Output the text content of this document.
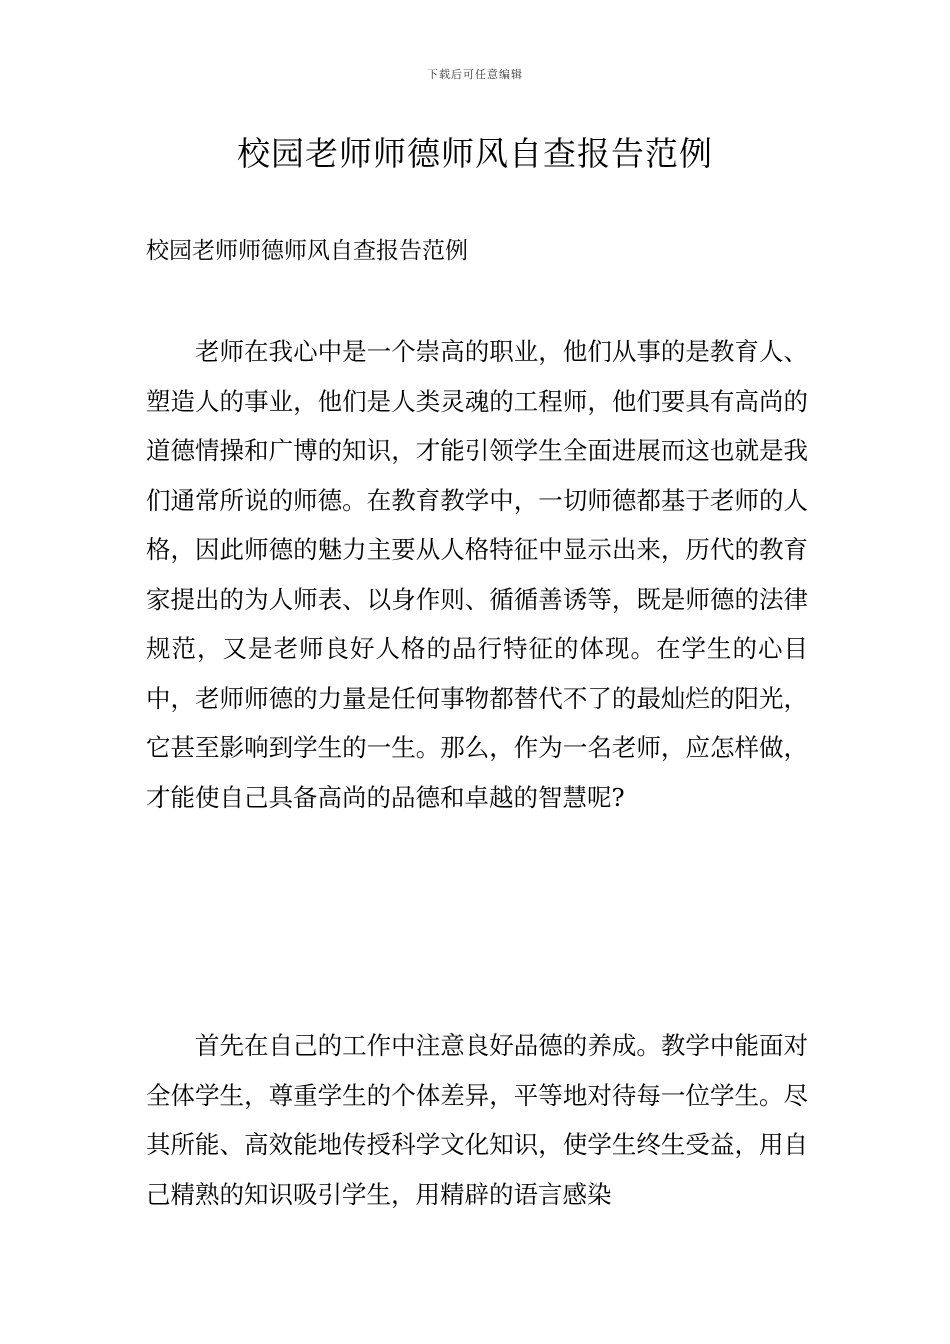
下载后可任意编辑
校园老师师德师风自查报告范例
校园老师师德师风自查报告范例

老师在我心中是一个崇高的职业，他们从事的是教育人、塑造人的事业，他们是人类灵魂的工程师，他们要具有高尚的道德情操和广博的知识，才能引领学生全面进展而这也就是我们通常所说的师德。在教育教学中，一切师德都基于老师的人格，因此师德的魅力主要从人格特征中显示出来，历代的教育家提出的为人师表、以身作则、循循善诱等，既是师德的法律规范，又是老师良好人格的品行特征的体现。在学生的心目中，老师师德的力量是任何事物都替代不了的最灿烂的阳光，它甚至影响到学生的一生。那么，作为一名老师，应怎样做，才能使自己具备高尚的品德和卓越的智慧呢?

首先在自己的工作中注意良好品德的养成。教学中能面对全体学生，尊重学生的个体差异，平等地对待每一位学生。尽其所能、高效能地传授科学文化知识，使学生终生受益，用自己精熟的知识吸引学生，用精辟的语言感染
